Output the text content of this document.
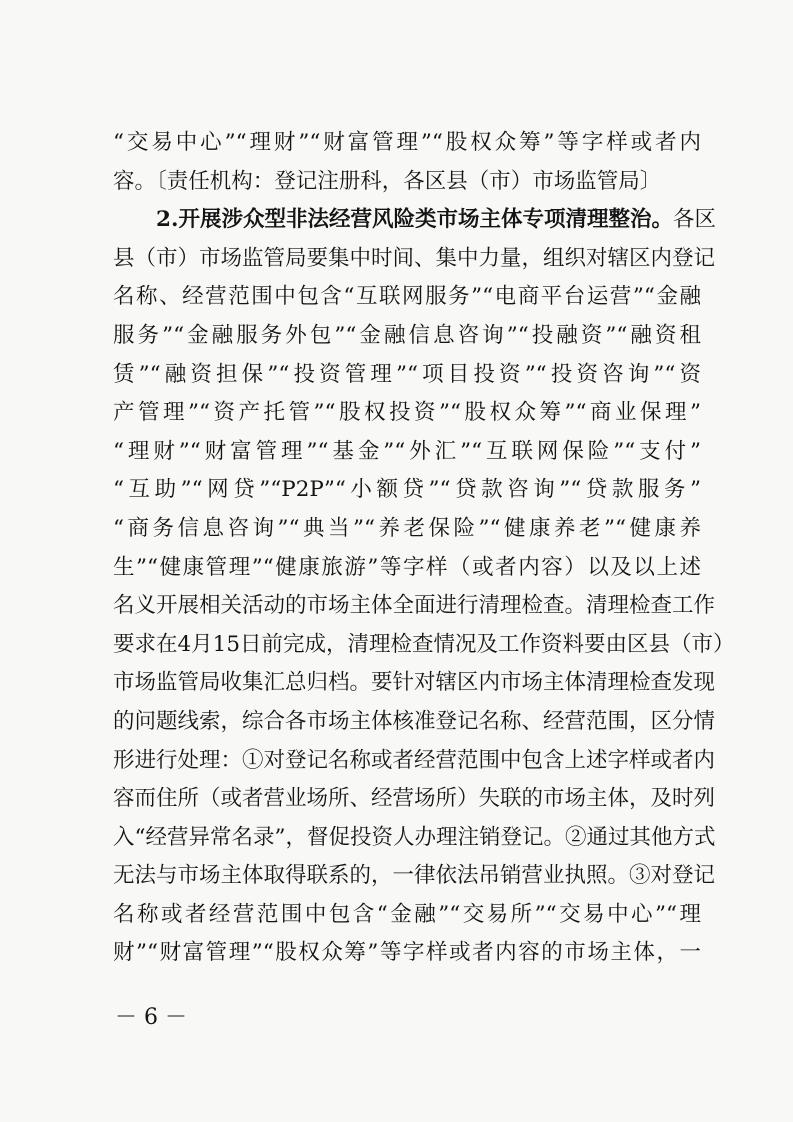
“交易中心”“理财”“财富管理”“股权众筹”等字样或者内
容。〔责任机构：登记注册科，各区县（市）市场监管局〕
2.开展涉众型非法经营风险类市场主体专项清理整治。各区
县（市）市场监管局要集中时间、集中力量，组织对辖区内登记
名称、经营范围中包含“互联网服务”“电商平台运营”“金融
服务”“金融服务外包”“金融信息咨询”“投融资”“融资租
赁”“融资担保”“投资管理”“项目投资”“投资咨询”“资
产管理”“资产托管”“股权投资”“股权众筹”“商业保理”
“理财”“财富管理”“基金”“外汇”“互联网保险”“支付”
“互助”“网贷”“P2P”“小额贷”“贷款咨询”“贷款服务”
“商务信息咨询”“典当”“养老保险”“健康养老”“健康养
生”“健康管理”“健康旅游”等字样（或者内容）以及以上述
名义开展相关活动的市场主体全面进行清理检查。清理检查工作
要求在4月15日前完成，清理检查情况及工作资料要由区县（市）
市场监管局收集汇总归档。要针对辖区内市场主体清理检查发现
的问题线索，综合各市场主体核准登记名称、经营范围，区分情
形进行处理：①对登记名称或者经营范围中包含上述字样或者内
容而住所（或者营业场所、经营场所）失联的市场主体，及时列
入“经营异常名录”，督促投资人办理注销登记。②通过其他方式
无法与市场主体取得联系的，一律依法吊销营业执照。③对登记
名称或者经营范围中包含“金融”“交易所”“交易中心”“理
财”“财富管理”“股权众筹”等字样或者内容的市场主体，一
－ 6 －
